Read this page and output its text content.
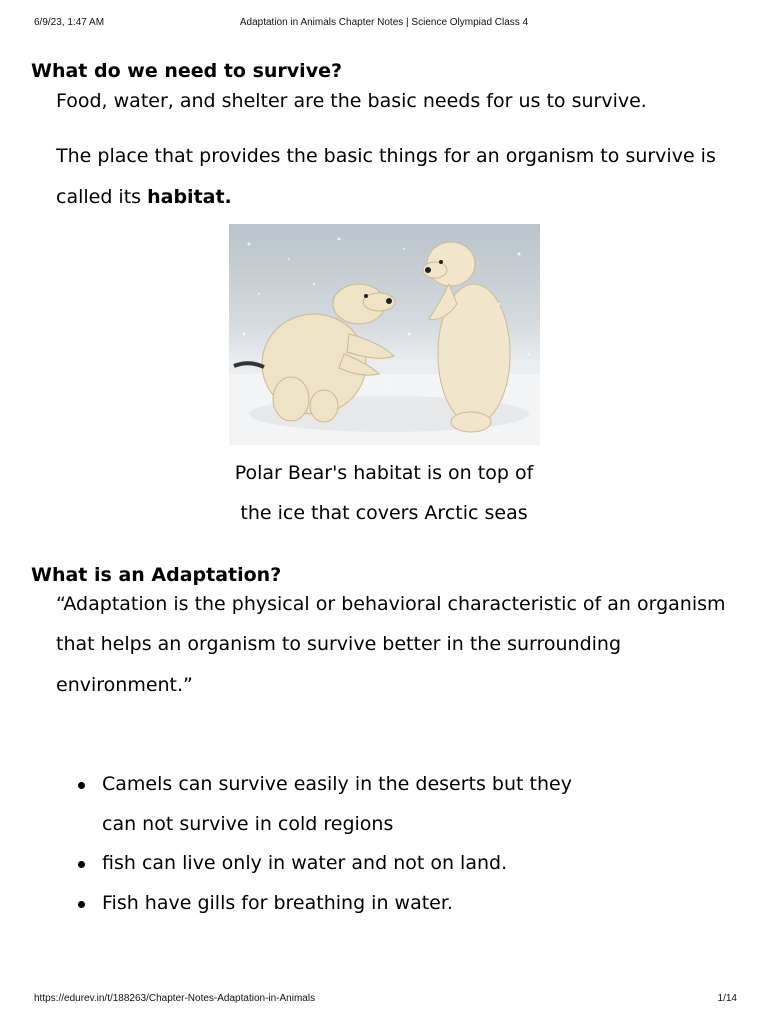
6/9/23, 1:47 AM	Adaptation in Animals Chapter Notes | Science Olympiad Class 4
What do we need to survive?
Food, water, and shelter are the basic needs for us to survive.
The place that provides the basic things for an organism to survive is
called its habitat.
Polar Bear's habitat is on top of
the ice that covers Arctic seas
What is an Adaptation?
“Adaptation is the physical or behavioral characteristic of an organism
that helps an organism to survive better in the surrounding
environment.”
Camels can survive easily in the deserts but they
can not survive in cold regions
fish can live only in water and not on land.
Fish have gills for breathing in water.
https://edurev.in/t/188263/Chapter-Notes-Adaptation-in-Animals	1/14
